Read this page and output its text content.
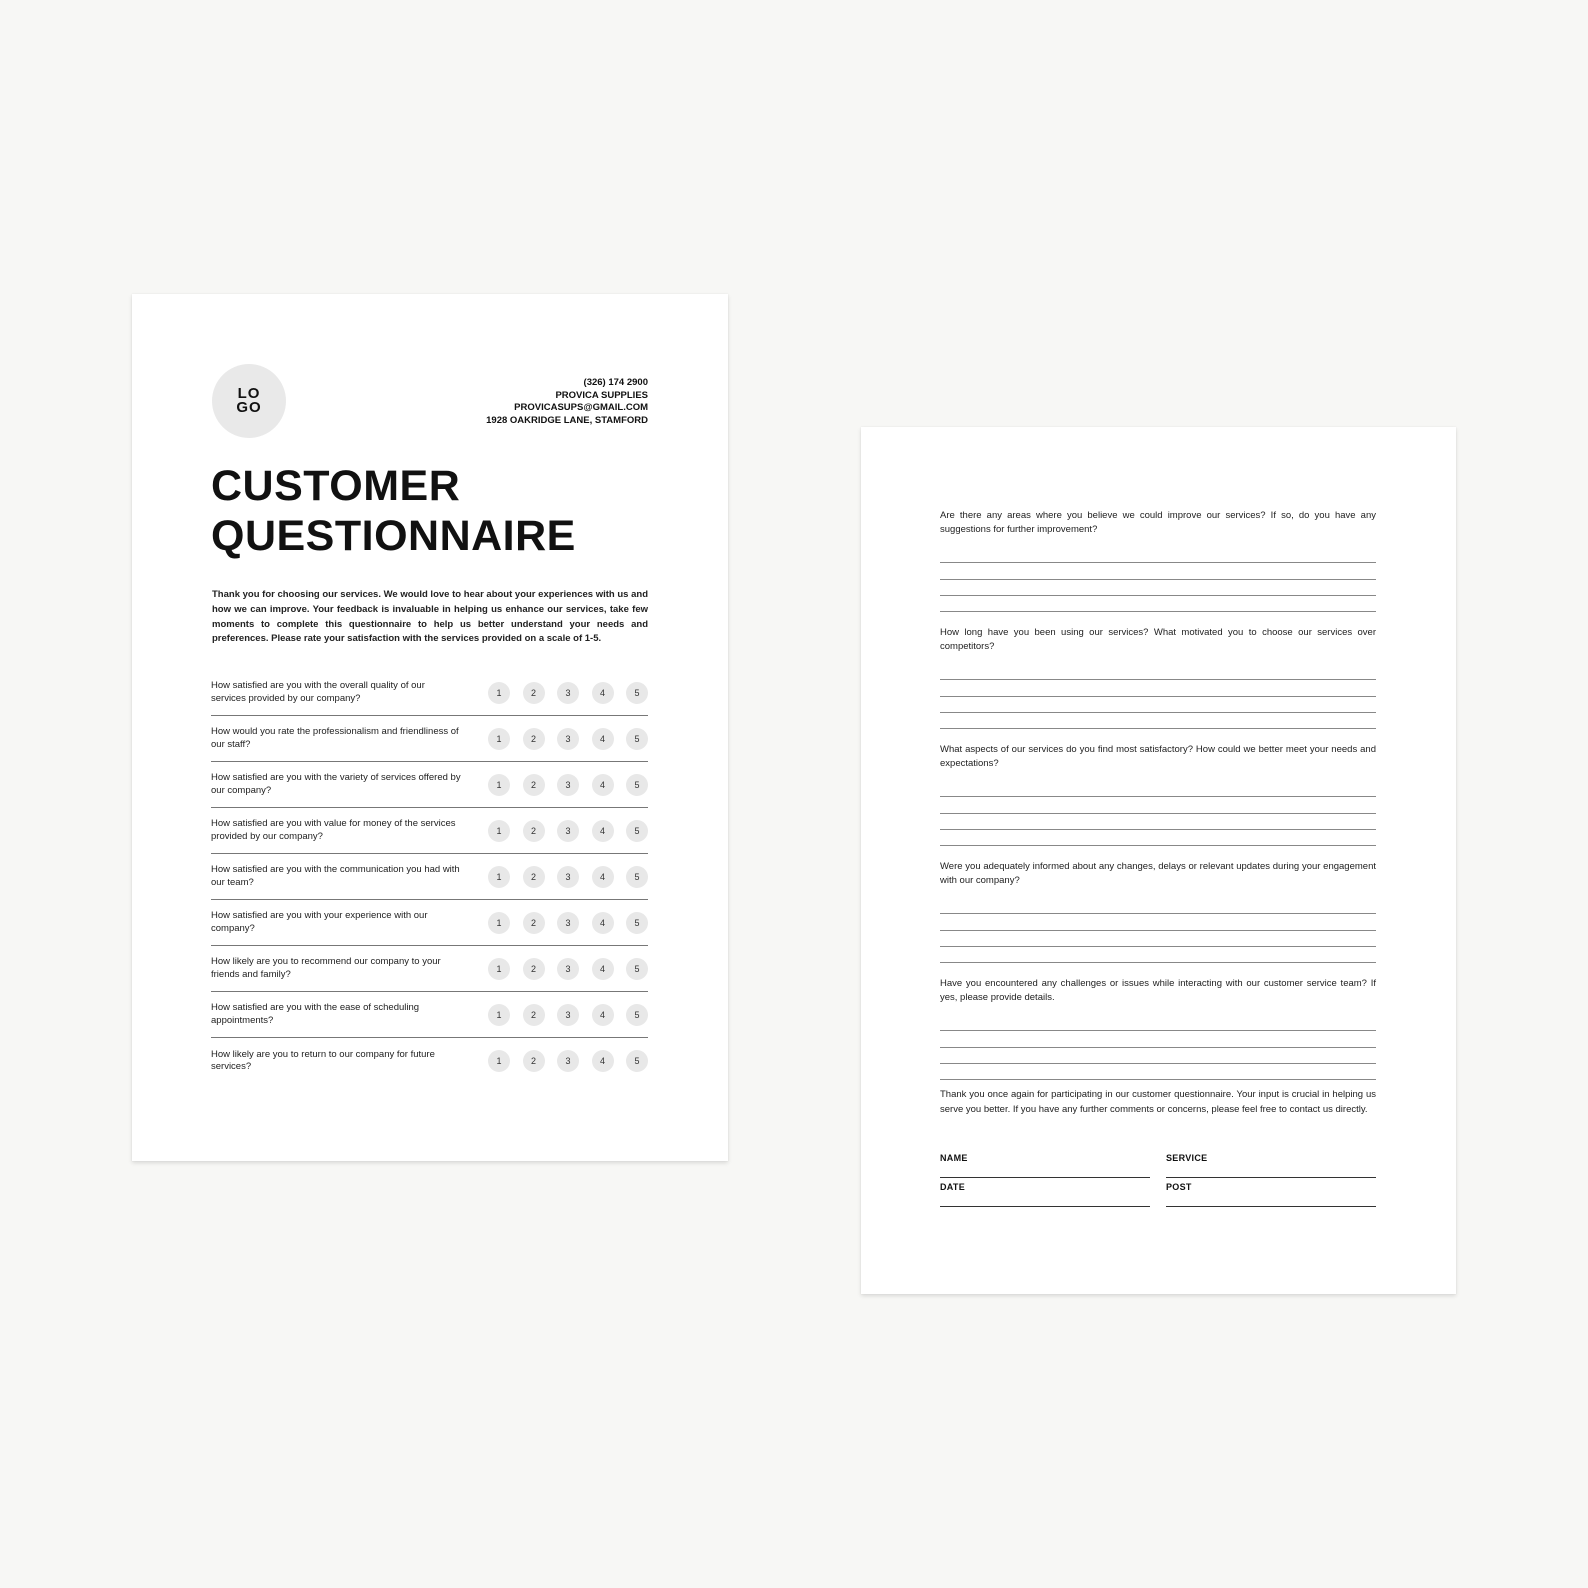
LO
GO
(326) 174 2900
PROVICA SUPPLIES
PROVICASUPS@GMAIL.COM
1928 OAKRIDGE LANE, STAMFORD
CUSTOMER
QUESTIONNAIRE

Thank you for choosing our services. We would love to hear about your experiences with us and how we can improve. Your feedback is invaluable in helping us enhance our services, take few moments to complete this questionnaire to help us better understand your needs and preferences. Please rate your satisfaction with the services provided on a scale of 1-5.

How satisfied are you with the overall quality of our services provided by our company?	1	2	3	4	5
How would you rate the professionalism and friendliness of our staff?	1	2	3	4	5
How satisfied are you with the variety of services offered by our company?	1	2	3	4	5
How satisfied are you with value for money of the services provided by our company?	1	2	3	4	5
How satisfied are you with the communication you had with our team?	1	2	3	4	5
How satisfied are you with your experience with our company?	1	2	3	4	5
How likely are you to recommend our company to your friends and family?	1	2	3	4	5
How satisfied are you with the ease of scheduling appointments?	1	2	3	4	5
How likely are you to return to our company for future services?	1	2	3	4	5

Are there any areas where you believe we could improve our services? If so, do you have any suggestions for further improvement?

How long have you been using our services? What motivated you to choose our services over competitors?

What aspects of our services do you find most satisfactory? How could we better meet your needs and expectations?

Were you adequately informed about any changes, delays or relevant updates during your engagement with our company?

Have you encountered any challenges or issues while interacting with our customer service team? If yes, please provide details.

Thank you once again for participating in our customer questionnaire. Your input is crucial in helping us serve you better. If you have any further comments or concerns, please feel free to contact us directly.

NAME	SERVICE
DATE	POST
